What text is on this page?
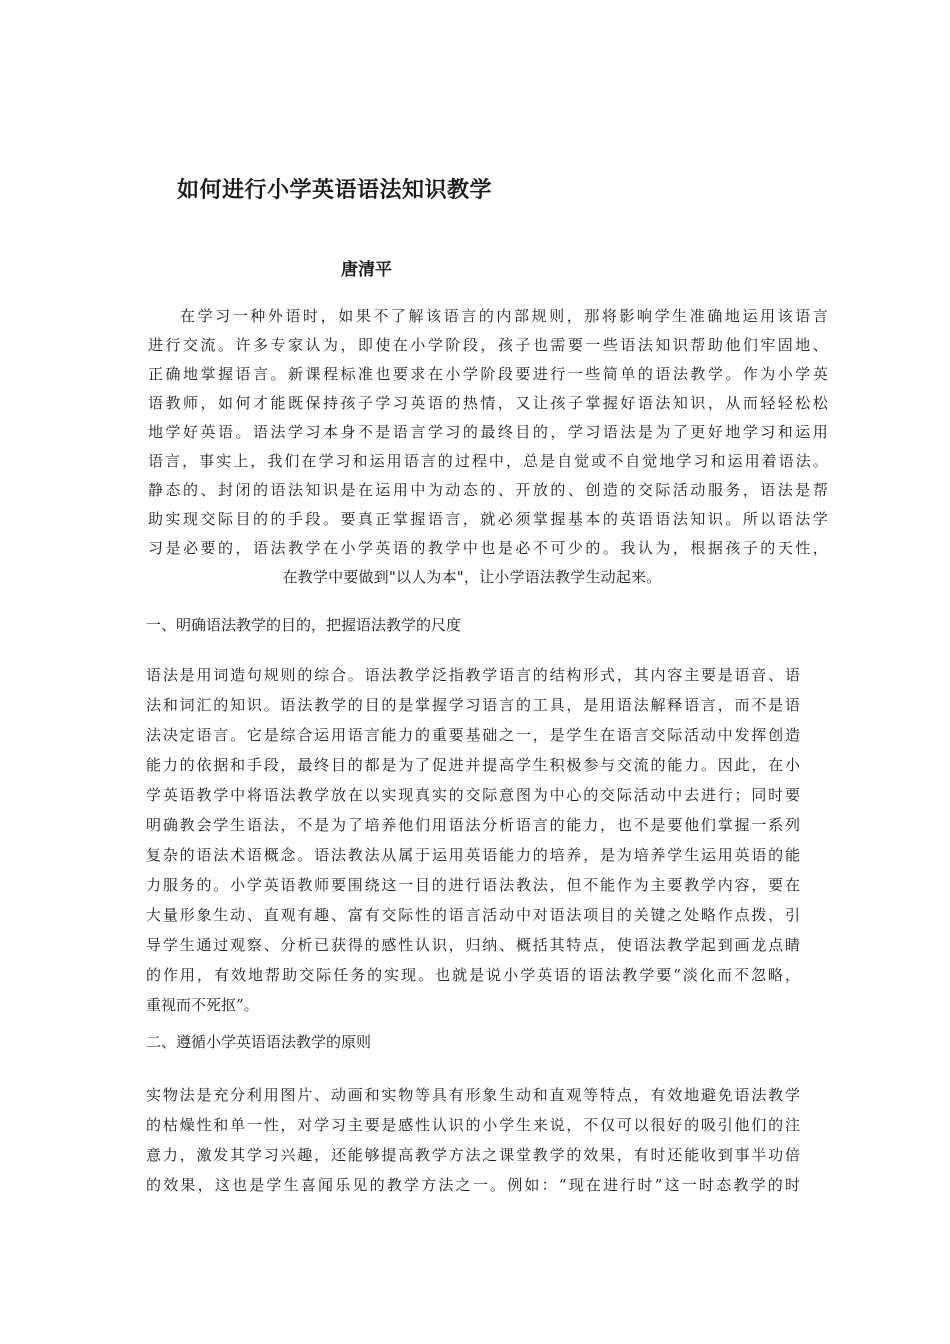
如何进行小学英语语法知识教学
唐清平
在学习一种外语时，如果不了解该语言的内部规则，那将影响学生准确地运用该语言
进行交流。许多专家认为，即使在小学阶段，孩子也需要一些语法知识帮助他们牢固地、
正确地掌握语言。新课程标准也要求在小学阶段要进行一些简单的语法教学。作为小学英
语教师，如何才能既保持孩子学习英语的热情，又让孩子掌握好语法知识，从而轻轻松松
地学好英语。语法学习本身不是语言学习的最终目的，学习语法是为了更好地学习和运用
语言，事实上，我们在学习和运用语言的过程中，总是自觉或不自觉地学习和运用着语法。
静态的、封闭的语法知识是在运用中为动态的、开放的、创造的交际活动服务，语法是帮
助实现交际目的的手段。要真正掌握语言，就必须掌握基本的英语语法知识。所以语法学
习是必要的，语法教学在小学英语的教学中也是必不可少的。我认为，根据孩子的天性，
在教学中要做到"以人为本"，让小学语法教学生动起来。
一、明确语法教学的目的，把握语法教学的尺度
语法是用词造句规则的综合。语法教学泛指教学语言的结构形式，其内容主要是语音、语
法和词汇的知识。语法教学的目的是掌握学习语言的工具，是用语法解释语言，而不是语
法决定语言。它是综合运用语言能力的重要基础之一，是学生在语言交际活动中发挥创造
能力的依据和手段，最终目的都是为了促进并提高学生积极参与交流的能力。因此，在小
学英语教学中将语法教学放在以实现真实的交际意图为中心的交际活动中去进行；同时要
明确教会学生语法，不是为了培养他们用语法分析语言的能力，也不是要他们掌握一系列
复杂的语法术语概念。语法教法从属于运用英语能力的培养，是为培养学生运用英语的能
力服务的。小学英语教师要围绕这一目的进行语法教法，但不能作为主要教学内容，要在
大量形象生动、直观有趣、富有交际性的语言活动中对语法项目的关键之处略作点拨，引
导学生通过观察、分析已获得的感性认识，归纳、概括其特点，使语法教学起到画龙点睛
的作用，有效地帮助交际任务的实现。也就是说小学英语的语法教学要“淡化而不忽略，
重视而不死抠”。
二、遵循小学英语语法教学的原则
实物法是充分利用图片、动画和实物等具有形象生动和直观等特点，有效地避免语法教学
的枯燥性和单一性，对学习主要是感性认识的小学生来说，不仅可以很好的吸引他们的注
意力，激发其学习兴趣，还能够提高教学方法之课堂教学的效果，有时还能收到事半功倍
的效果，这也是学生喜闻乐见的教学方法之一。例如：“现在进行时”这一时态教学的时
